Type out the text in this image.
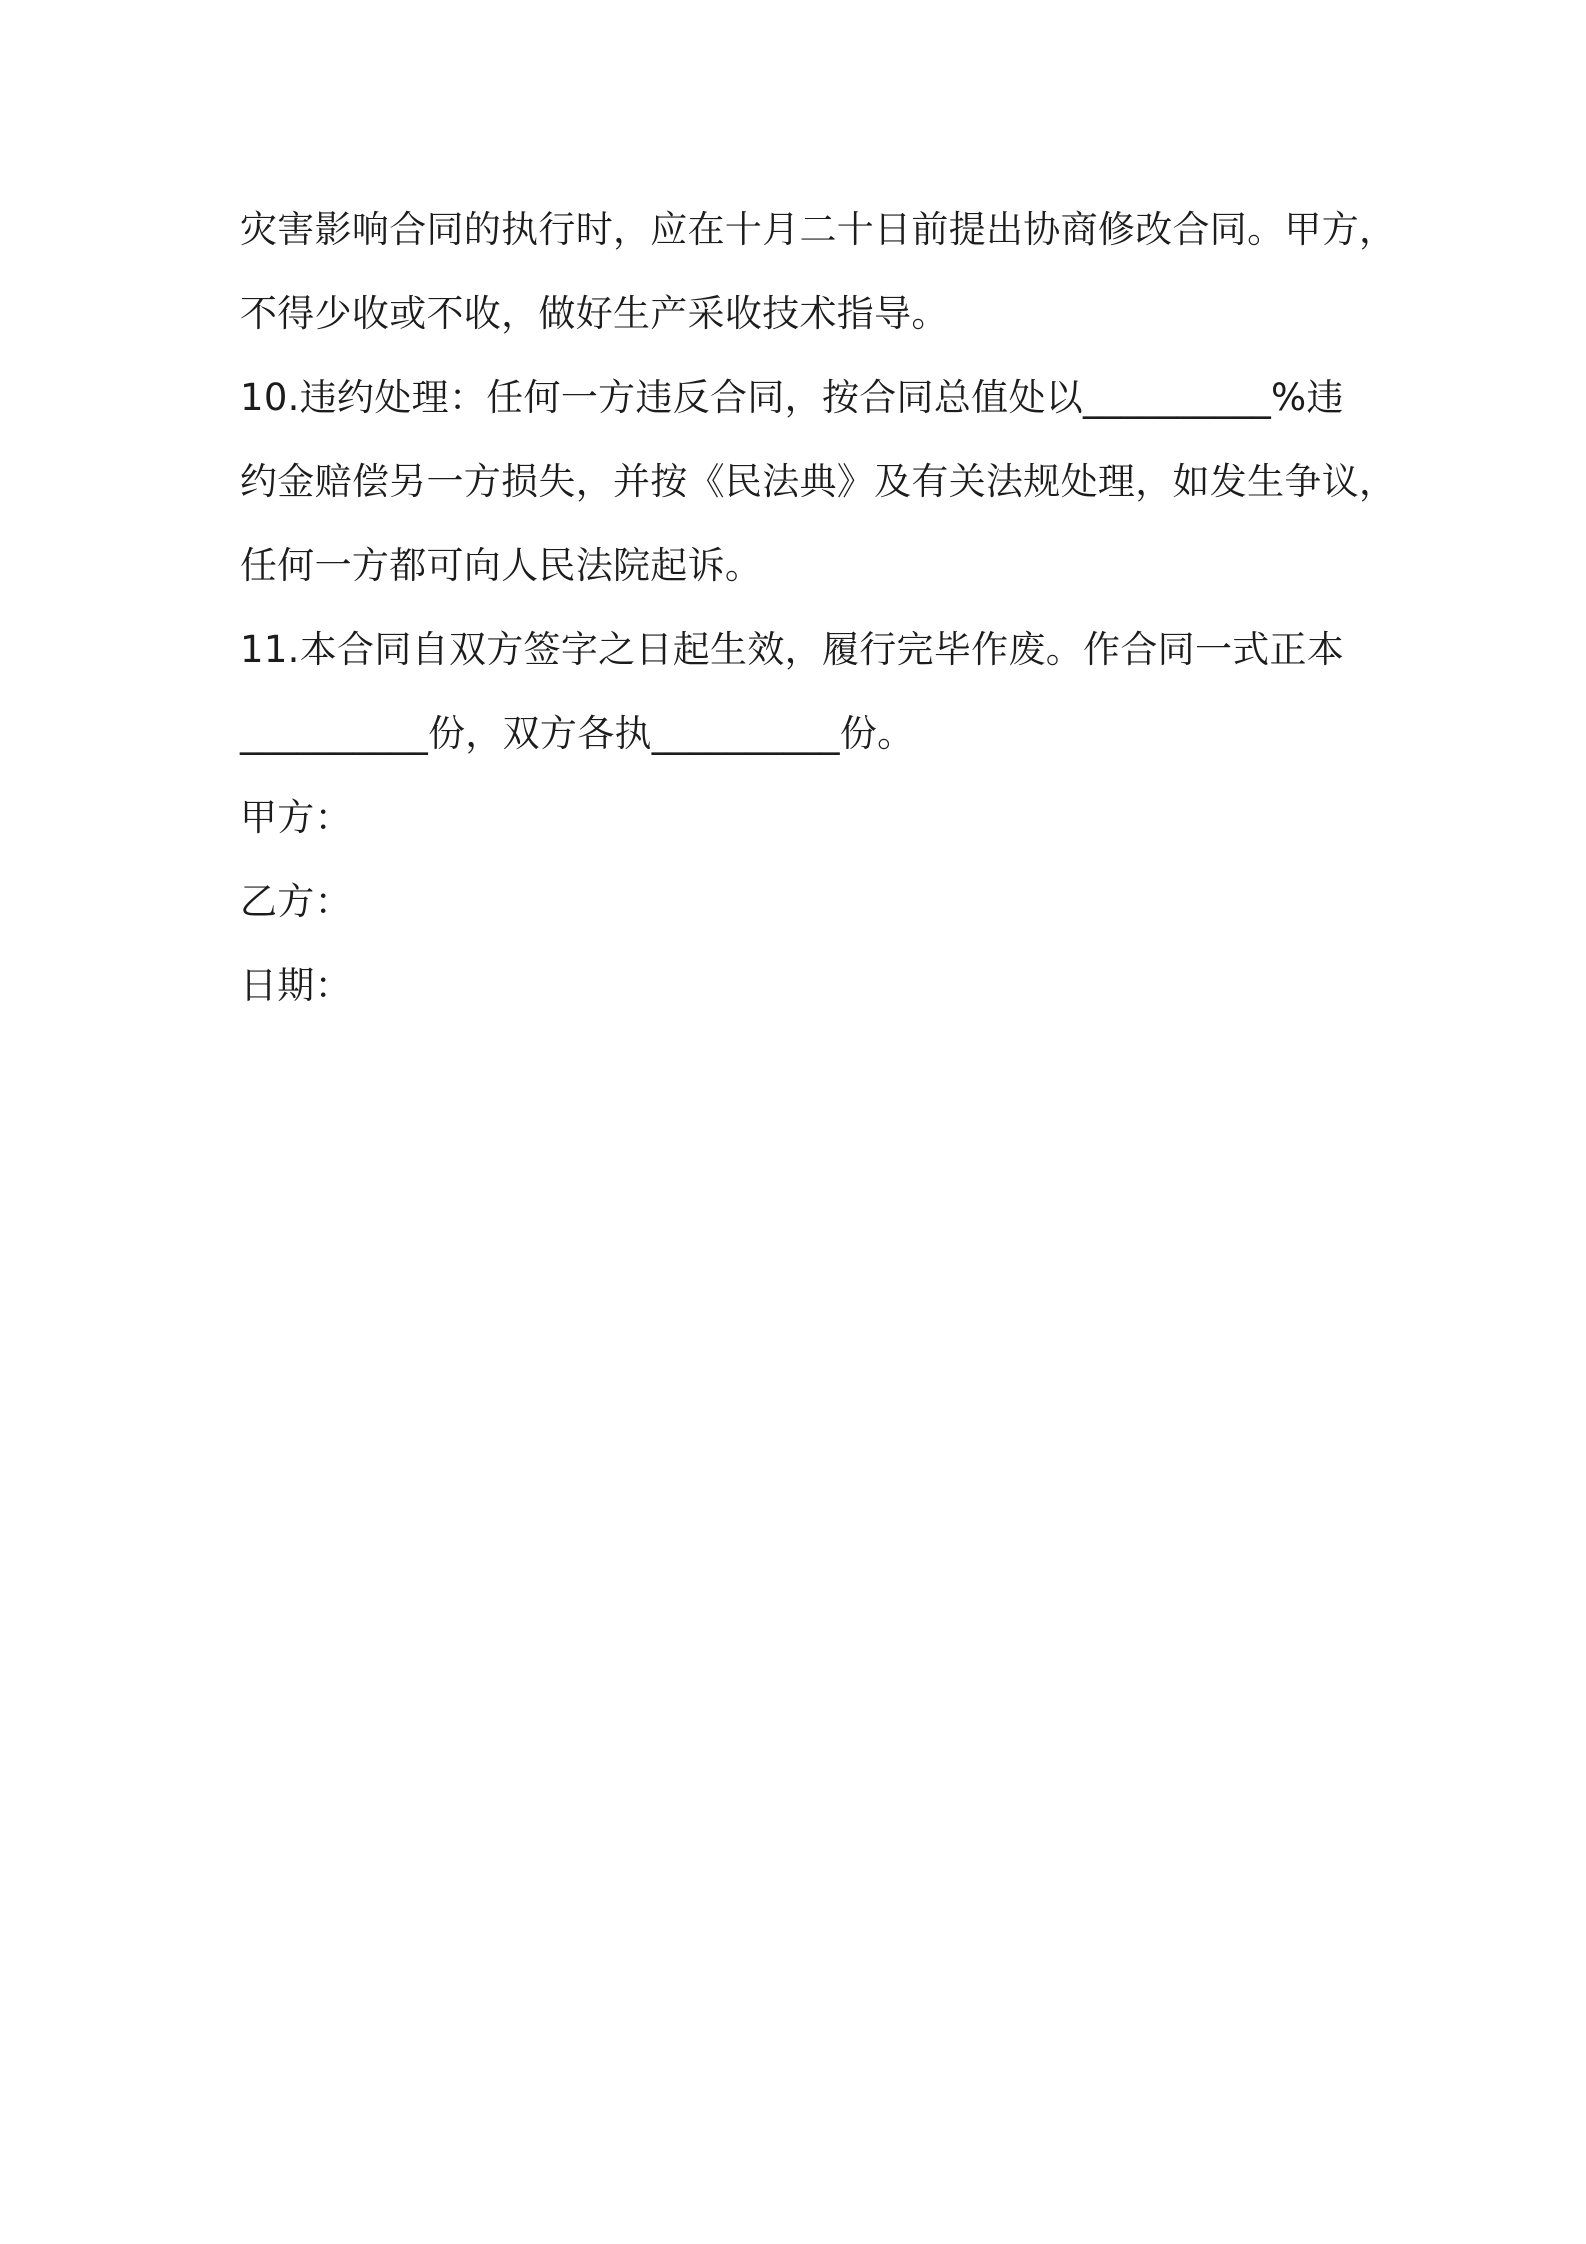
灾害影响合同的执行时，应在十月二十日前提出协商修改合同。甲方，
不得少收或不收，做好生产采收技术指导。
10.违约处理：任何一方违反合同，按合同总值处以__________%违
约金赔偿另一方损失，并按《民法典》及有关法规处理，如发生争议，
任何一方都可向人民法院起诉。
11.本合同自双方签字之日起生效，履行完毕作废。作合同一式正本
__________份，双方各执__________份。
甲方：
乙方：
日期：
